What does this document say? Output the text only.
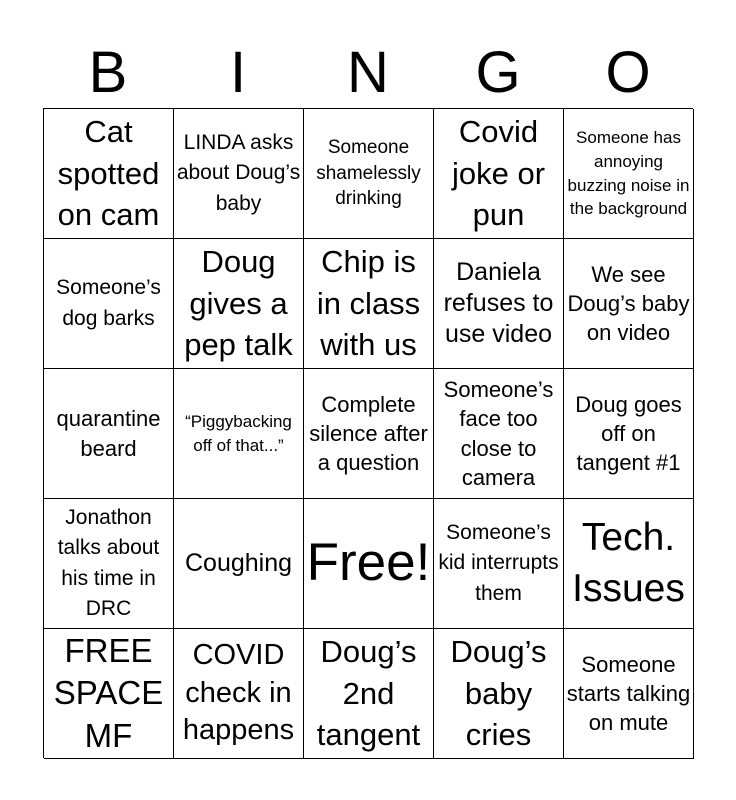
B	I	N	G	O
Cat spotted on cam
LINDA asks about Doug’s baby
Someone shamelessly drinking
Covid joke or pun
Someone has annoying buzzing noise in the background
Someone’s dog barks
Doug gives a pep talk
Chip is in class with us
Daniela refuses to use video
We see Doug’s baby on video
quarantine beard
“Piggybacking off of that...”
Complete silence after a question
Someone’s face too close to camera
Doug goes off on tangent #1
Jonathon talks about his time in DRC
Coughing Free!
Someone’s kid interrupts them
Tech. Issues
FREE SPACE MF
COVID check in happens
Doug’s 2nd tangent
Doug’s baby cries
Someone starts talking on mute
